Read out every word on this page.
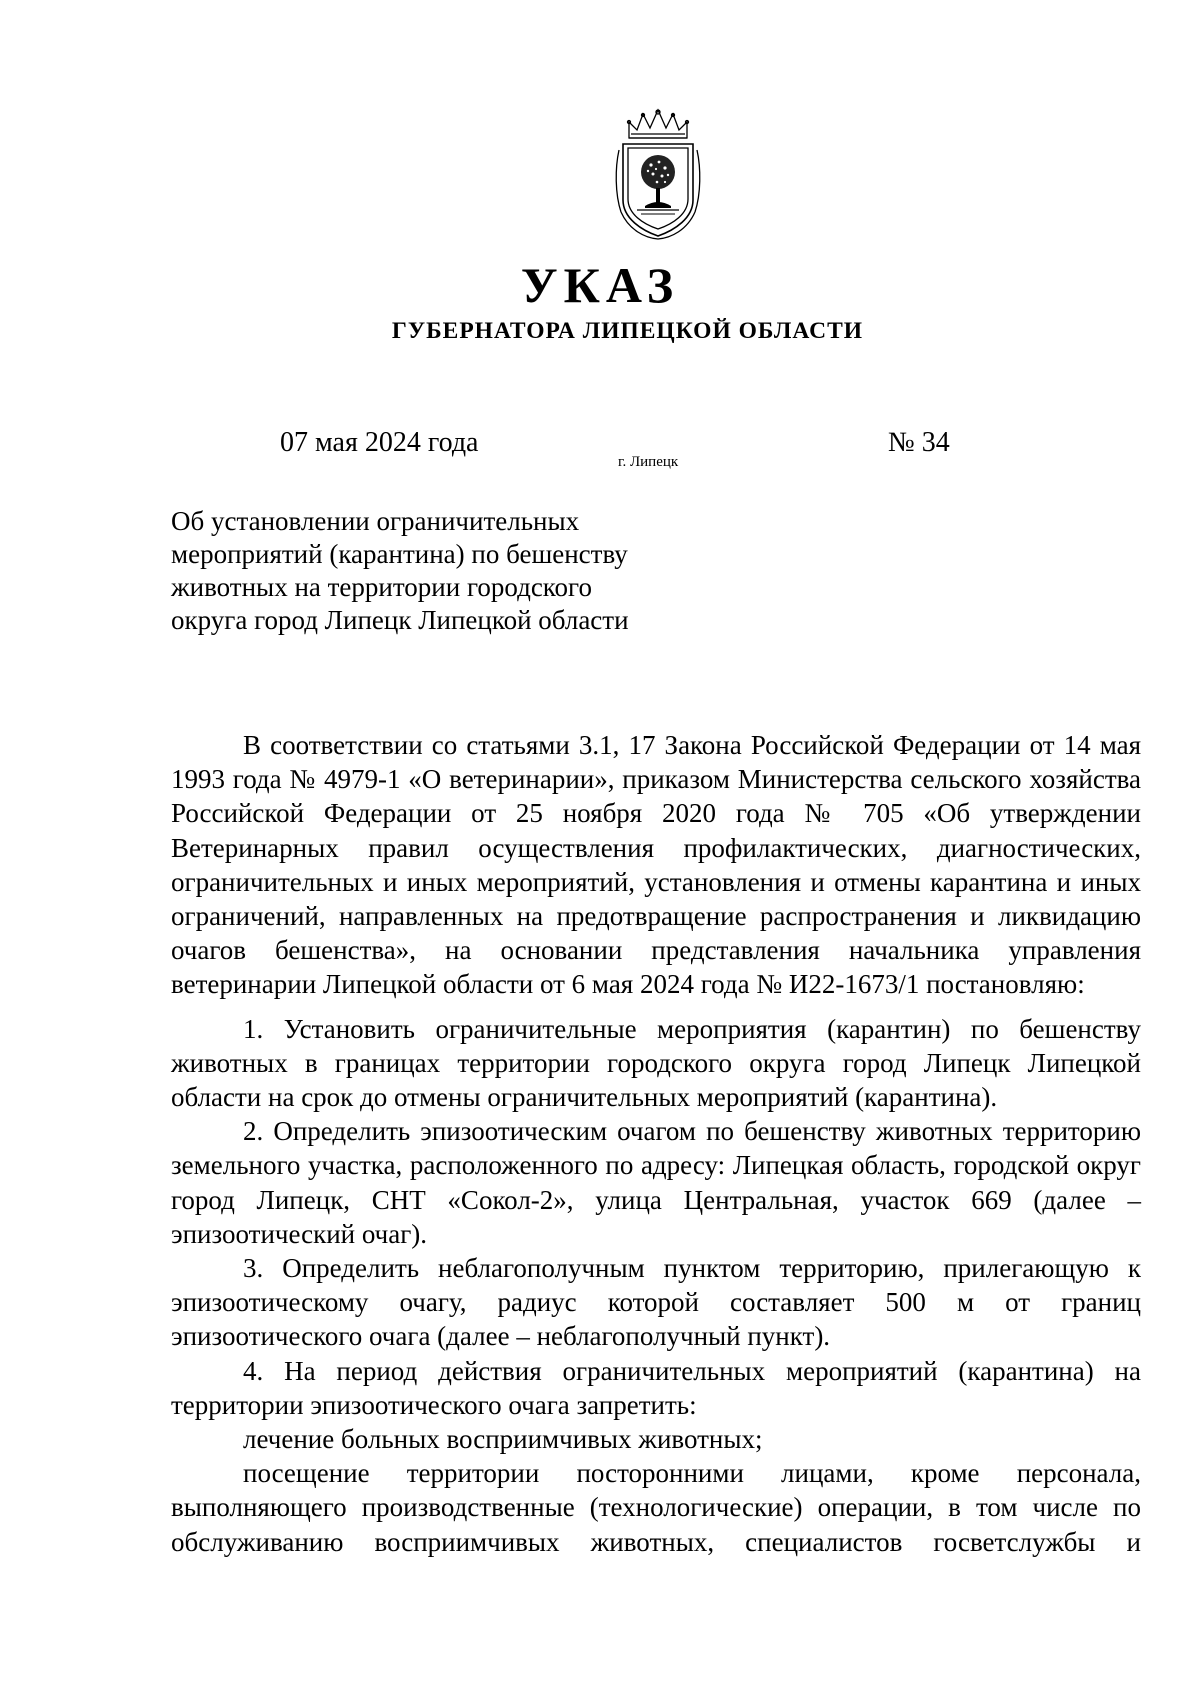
УКАЗ
ГУБЕРНАТОРА ЛИПЕЦКОЙ ОБЛАСТИ
07 мая 2024 года
г. Липецк
№ 34
Об установлении ограничительных
мероприятий (карантина) по бешенству
животных на территории городского
округа город Липецк Липецкой области

В соответствии со статьями 3.1, 17 Закона Российской Федерации от 14 мая 1993 года № 4979-1 «О ветеринарии», приказом Министерства сельского хозяйства Российской Федерации от 25 ноября 2020 года № 705 «Об утверждении Ветеринарных правил осуществления профилактических, диагностических, ограничительных и иных мероприятий, установления и отмены карантина и иных ограничений, направленных на предотвращение распространения и ликвидацию очагов бешенства», на основании представления начальника управления ветеринарии Липецкой области от 6 мая 2024 года № И22-1673/1 постановляю:

1. Установить ограничительные мероприятия (карантин) по бешенству животных в границах территории городского округа город Липецк Липецкой области на срок до отмены ограничительных мероприятий (карантина).

2. Определить эпизоотическим очагом по бешенству животных территорию земельного участка, расположенного по адресу: Липецкая область, городской округ город Липецк, СНТ «Сокол-2», улица Центральная, участок 669 (далее – эпизоотический очаг).

3. Определить неблагополучным пунктом территорию, прилегающую к эпизоотическому очагу, радиус которой составляет 500 м от границ эпизоотического очага (далее – неблагополучный пункт).

4. На период действия ограничительных мероприятий (карантина) на территории эпизоотического очага запретить:

лечение больных восприимчивых животных;

посещение территории посторонними лицами, кроме персонала, выполняющего производственные (технологические) операции, в том числе по обслуживанию восприимчивых животных, специалистов госветслужбы и
